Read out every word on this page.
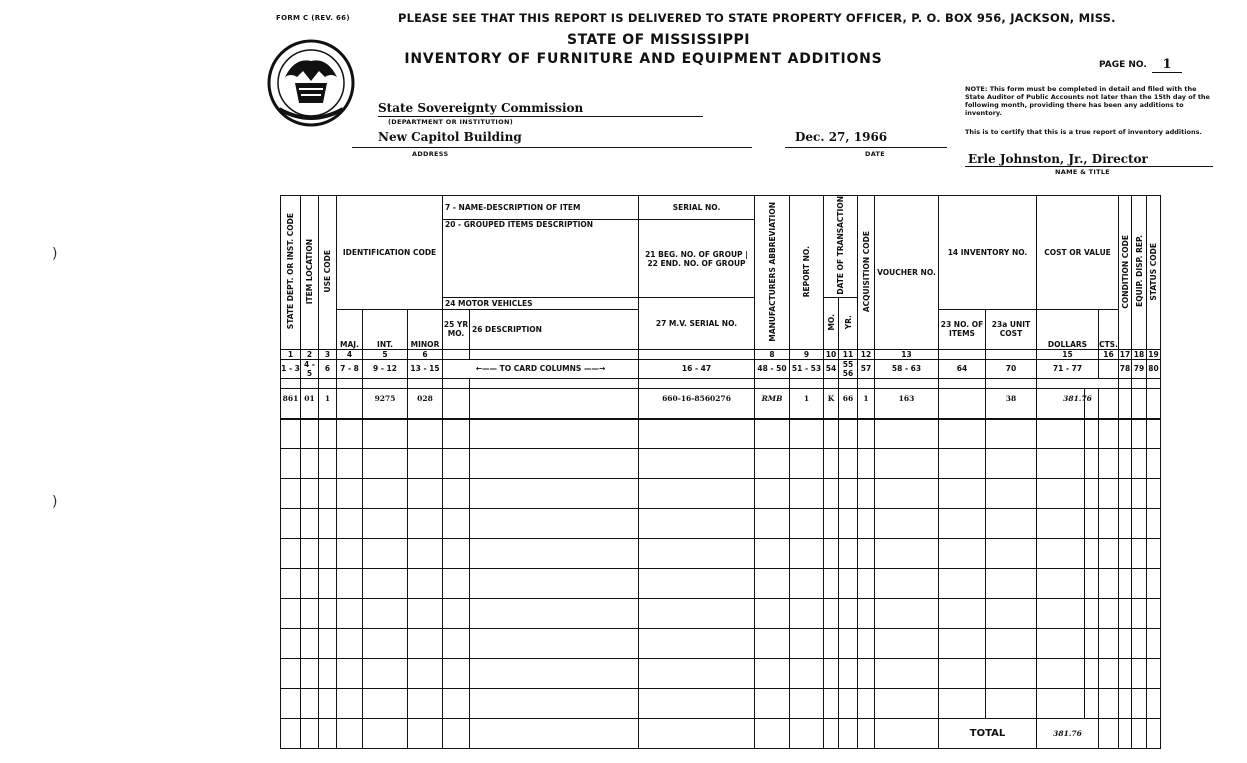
FORM C (REV. 66)	PLEASE SEE THAT THIS REPORT IS DELIVERED TO STATE PROPERTY OFFICER, P. O. BOX 956, JACKSON, MISS.
STATE OF MISSISSIPPI
INVENTORY OF FURNITURE AND EQUIPMENT ADDITIONS	PAGE NO.	1
State Sovereignty Commission
(DEPARTMENT OR INSTITUTION)
New Capitol Building
ADDRESS
Dec. 27, 1966
DATE
NOTE: This form must be completed in detail and filed with the State Auditor of Public Accounts not later than the 15th day of the following month, providing there has been any additions to inventory.
This is to certify that this is a true report of inventory additions.
Erle Johnston, Jr., Director
NAME & TITLE
)
)
STATE DEPT. OR INST. CODE	ITEM LOCATION	USE CODE	IDENTIFICATION CODE			7 - NAME-DESCRIPTION OF ITEM		SERIAL NO.	MANUFACTURERS ABBREVIATION	REPORT NO.	DATE OF TRANSACTION		ACQUISITION CODE	VOUCHER NO.	14 INVENTORY NO.		COST OR VALUE		CONDITION CODE	EQUIP. DISP. REP.	STATUS CODE
						20 - GROUPED ITEMS DESCRIPTION		21 BEG. NO. OF GROUP | 22 END. NO. OF GROUP													
						24 MOTOR VEHICLES		27 M.V. SERIAL NO.			MO.	YR.									
			MAJ.	INT.	MINOR	25 YR MO.	26 DESCRIPTION								23 NO. OF ITEMS	23a UNIT COST	DOLLARS	CTS.			
1	2	3	4	5	6				8	9	10	11	12	13			15	16	17	18	19
1 - 3	4 - 5	6	7 - 8	9 - 12	13 - 15	←—— TO CARD COLUMNS ——→		16 - 47	48 - 50	51 - 53	54	55 56	57	58 - 63	64	70	71 - 77		78	79	80
861	01	1		9275	028			660-16-8560276	RMB	1	K	66	1	163		38	381.76				

															TOTAL	381.76				
